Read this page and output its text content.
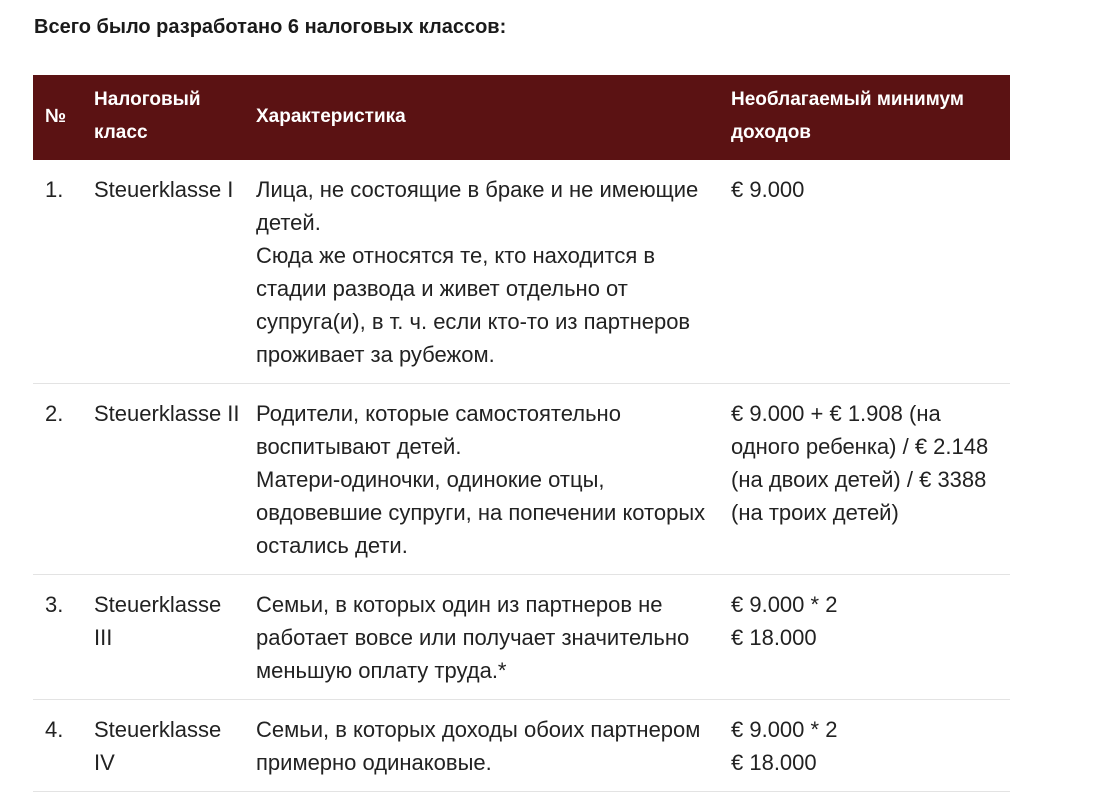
Всего было разработано 6 налоговых классов:
№	Налоговый класс	Характеристика	Необлагаемый минимум доходов
1.	Steuerklasse I	Лица, не состоящие в браке и не имеющие детей.
Сюда же относятся те, кто находится в стадии развода и живет отдельно от супруга(и), в т. ч. если кто-то из партнеров проживает за рубежом.	€ 9.000

2.	Steuerklasse II	Родители, которые самостоятельно воспитывают детей.
Матери-одиночки, одинокие отцы, овдовевшие супруги, на попечении которых остались дети.	€ 9.000 + € 1.908 (на одного ребенка) / € 2.148 (на двоих детей) / € 3388 (на троих детей)

3.	Steuerklasse III	Семьи, в которых один из партнеров не работает вовсе или получает значительно меньшую оплату труда.*	€ 9.000 * 2
€ 18.000

4.	Steuerklasse IV	Семьи, в которых доходы обоих партнером примерно одинаковые.	€ 9.000 * 2
€ 18.000
